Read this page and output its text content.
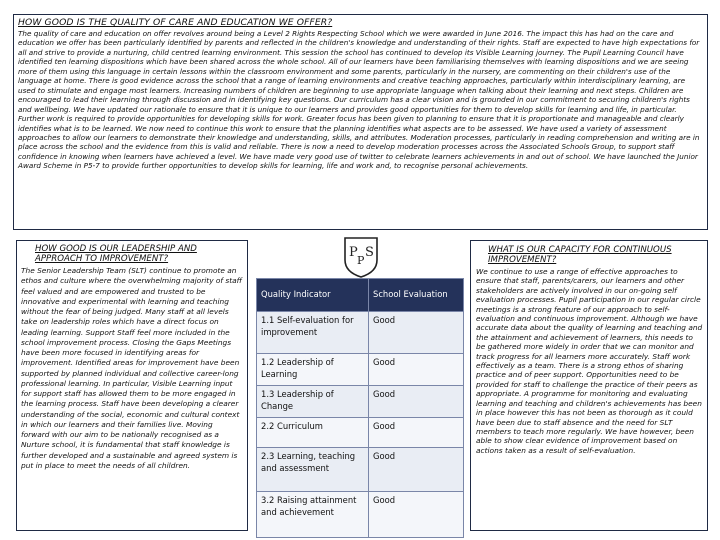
HOW GOOD IS THE QUALITY OF CARE AND EDUCATION WE OFFER?

The quality of care and education on offer revolves around being a Level 2 Rights Respecting School which we were awarded in June 2016. The impact this has had on the care and education we offer has been particularly identified by parents and reflected in the children's knowledge and understanding of their rights. Staff are expected to have high expectations for all and strive to provide a nurturing, child centred learning environment. This session the school has continued to develop its Visible Learning journey. The Pupil Learning Council have identified ten learning dispositions which have been shared across the whole school. All of our learners have been familiarising themselves with learning dispositions and we are seeing more of them using this language in certain lessons within the classroom environment and some parents, particularly in the nursery, are commenting on their children's use of the language at home. There is good evidence across the school that a range of learning environments and creative teaching approaches, particularly within interdisciplinary learning, are used to stimulate and engage most learners. Increasing numbers of children are beginning to use appropriate language when talking about their learning and next steps. Children are encouraged to lead their learning through discussion and in identifying key questions. Our curriculum has a clear vision and is grounded in our commitment to securing children's rights and wellbeing. We have updated our rationale to ensure that it is unique to our learners and provides good opportunities for them to develop skills for learning and life, in particular. Further work is required to provide opportunities for developing skills for work. Greater focus has been given to planning to ensure that it is proportionate and manageable and clearly identifies what is to be learned. We now need to continue this work to ensure that the planning identifies what aspects are to be assessed. We have used a variety of assessment approaches to allow our learners to demonstrate their knowledge and understanding, skills, and attributes. Moderation processes, particularly in reading comprehension and writing are in place across the school and the evidence from this is valid and reliable. There is now a need to develop moderation processes across the Associated Schools Group, to support staff confidence in knowing when learners have achieved a level. We have made very good use of twitter to celebrate learners achievements in and out of school. We have launched the Junior Award Scheme in P5-7 to provide further opportunities to develop skills for learning, life and work and, to recognise personal achievements.

HOW GOOD IS OUR LEADERSHIP AND APPROACH TO IMPROVEMENT?

The Senior Leadership Team (SLT) continue to promote an ethos and culture where the overwhelming majority of staff feel valued and are empowered and trusted to be innovative and experimental with learning and teaching without the fear of being judged. Many staff at all levels take on leadership roles which have a direct focus on leading learning. Support Staff feel more included in the school improvement process. Closing the Gaps Meetings have been more focused in identifying areas for improvement. Identified areas for improvement have been supported by planned individual and collective career-long professional learning. In particular, Visible Learning input for support staff has allowed them to be more engaged in the learning process. Staff have been developing a clearer understanding of the social, economic and cultural context in which our learners and their families live. Moving forward with our aim to be nationally recognised as a Nurture school, it is fundamental that staff knowledge is further developed and a sustainable and agreed system is put in place to meet the needs of all children.

P
P
S
Quality Indicator	School Evaluation
1.1 Self-evaluation for improvement	Good
1.2 Leadership of Learning	Good
1.3 Leadership of Change	Good
2.2 Curriculum	Good
2.3 Learning, teaching and assessment	Good
3.2 Raising attainment and achievement	Good
WHAT IS OUR CAPACITY FOR CONTINUOUS IMPROVEMENT?

We continue to use a range of effective approaches to ensure that staff, parents/carers, our learners and other stakeholders are actively involved in our on-going self evaluation processes. Pupil participation in our regular circle meetings is a strong feature of our approach to self-evaluation and continuous improvement. Although we have accurate data about the quality of learning and teaching and the attainment and achievement of learners, this needs to be gathered more widely in order that we can monitor and track progress for all learners more accurately. Staff work effectively as a team. There is a strong ethos of sharing practice and of peer support. Opportunities need to be provided for staff to challenge the practice of their peers as appropriate. A programme for monitoring and evaluating learning and teaching and children's achievements has been in place however this has not been as thorough as it could have been due to staff absence and the need for SLT members to teach more regularly. We have however, been able to show clear evidence of improvement based on actions taken as a result of self-evaluation.
